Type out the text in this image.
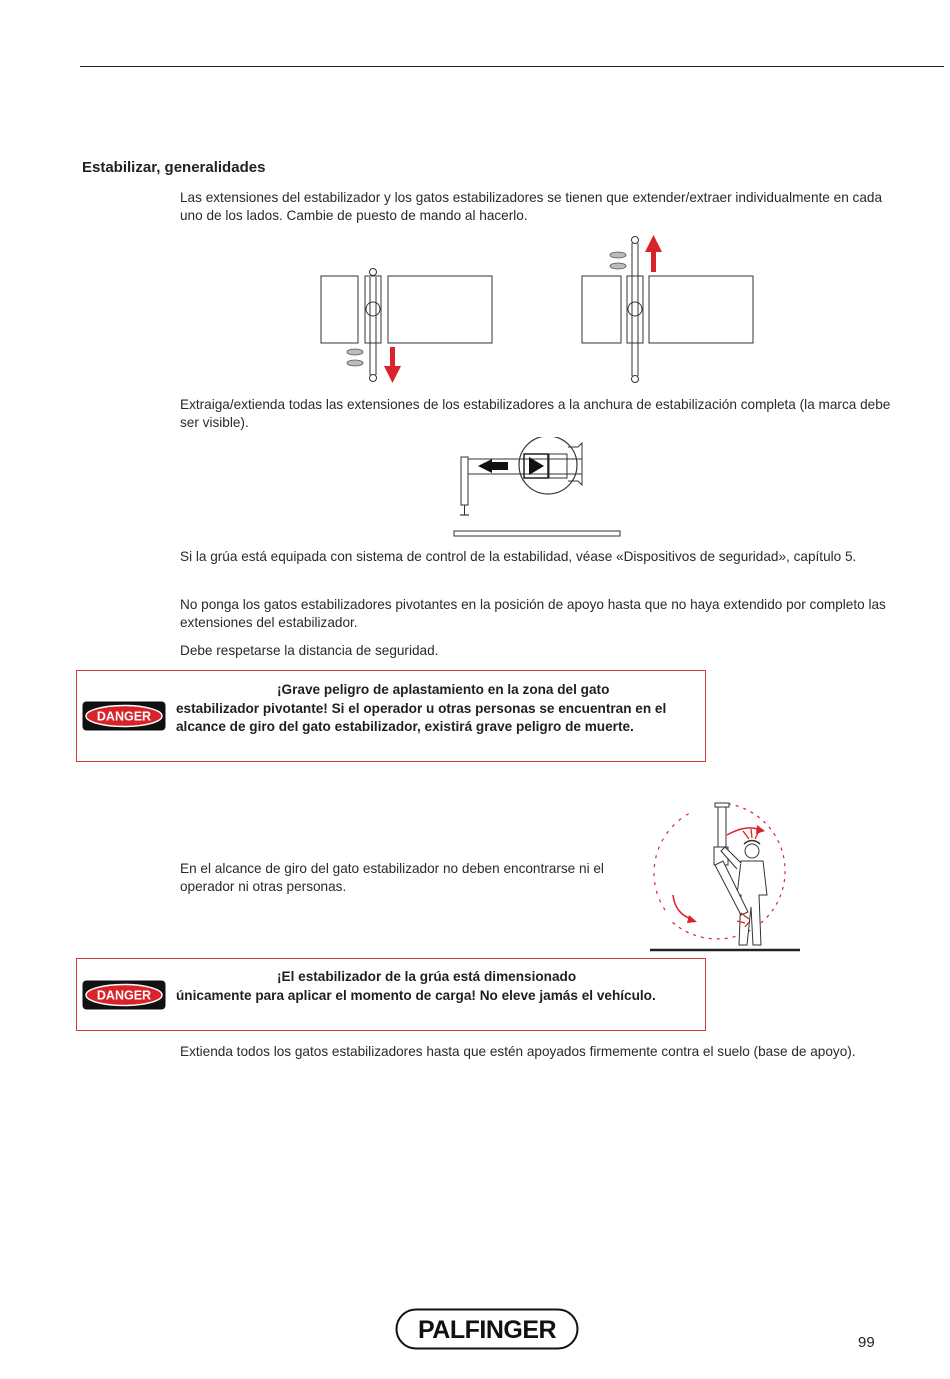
Estabilizar, generalidades
Las extensiones del estabilizador y los gatos estabilizadores se tienen que extender/extraer individualmente en cada uno de los lados. Cambie de puesto de mando al hacerlo.
Extraiga/extienda todas las extensiones de los estabilizadores a la anchura de estabilización completa (la marca debe ser visible).
Si la grúa está equipada con sistema de control de la estabilidad, véase «Dispositivos de seguridad», capítulo 5.
No ponga los gatos estabilizadores pivotantes en la posición de apoyo hasta que no haya extendido por completo las extensiones del estabilizador.
Debe respetarse la distancia de seguridad.
DANGER
¡Grave peligro de aplastamiento en la zona del gato
estabilizador pivotante! Si el operador u otras personas se encuentran en el alcance de giro del gato estabilizador, existirá grave peligro de muerte.
En el alcance de giro del gato estabilizador no deben encontrarse ni el operador ni otras personas.
DANGER
¡El estabilizador de la grúa está dimensionado
únicamente para aplicar el momento de carga! No eleve jamás el vehículo.
Extienda todos los gatos estabilizadores hasta que estén apoyados firmemente contra el suelo (base de apoyo).
PALFINGER	99
